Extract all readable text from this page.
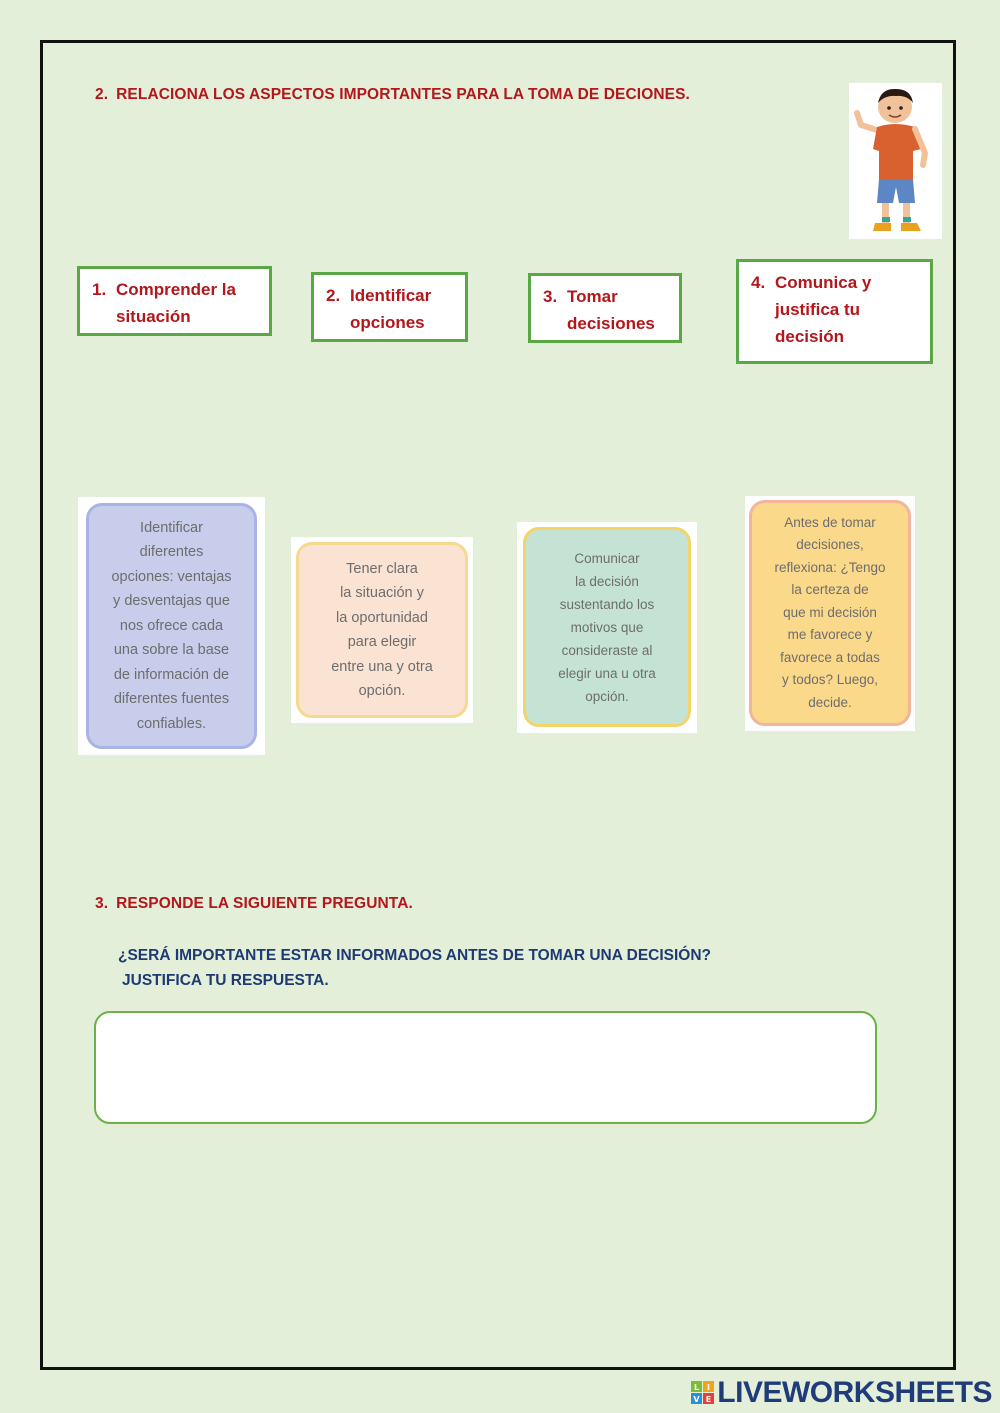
2. RELACIONA LOS ASPECTOS IMPORTANTES PARA LA TOMA DE DECIONES.
1. Comprender la
situación
2. Identificar
opciones
3. Tomar
decisiones
4. Comunica y
justifica tu
decisión
Identificar
diferentes
opciones: ventajas
y desventajas que
nos ofrece cada
una sobre la base
de información de
diferentes fuentes
confiables.
Tener clara
la situación y
la oportunidad
para elegir
entre una y otra
opción.
Comunicar
la decisión
sustentando los
motivos que
consideraste al
elegir una u otra
opción.
Antes de tomar
decisiones,
reflexiona: ¿Tengo
la certeza de
que mi decisión
me favorece y
favorece a todas
y todos? Luego,
decide.
3. RESPONDE LA SIGUIENTE PREGUNTA.
¿SERÁ IMPORTANTE ESTAR INFORMADOS ANTES DE TOMAR UNA DECISIÓN?
JUSTIFICA TU RESPUESTA.
L I
V E LIVEWORKSHEETS
